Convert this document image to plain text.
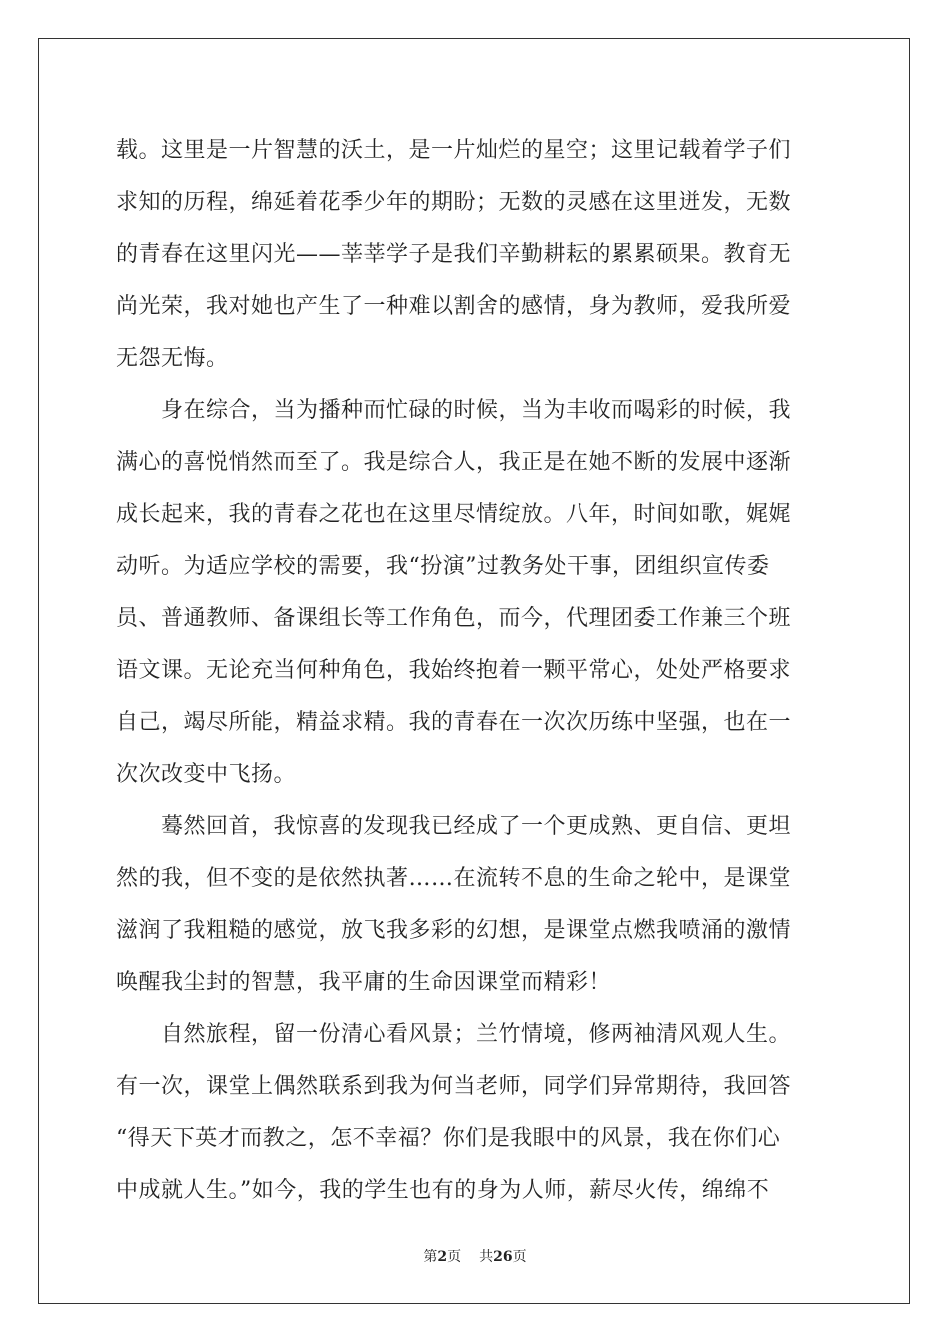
载。这里是一片智慧的沃土，是一片灿烂的星空；这里记载着学子们
求知的历程，绵延着花季少年的期盼；无数的灵感在这里迸发，无数
的青春在这里闪光——莘莘学子是我们辛勤耕耘的累累硕果。教育无
尚光荣，我对她也产生了一种难以割舍的感情，身为教师，爱我所爱
无怨无悔。
　　身在综合，当为播种而忙碌的时候，当为丰收而喝彩的时候，我
满心的喜悦悄然而至了。我是综合人，我正是在她不断的发展中逐渐
成长起来，我的青春之花也在这里尽情绽放。八年，时间如歌，娓娓
动听。为适应学校的需要，我“扮演”过教务处干事，团组织宣传委
员、普通教师、备课组长等工作角色，而今，代理团委工作兼三个班
语文课。无论充当何种角色，我始终抱着一颗平常心，处处严格要求
自己，竭尽所能，精益求精。我的青春在一次次历练中坚强，也在一
次次改变中飞扬。
　　蓦然回首，我惊喜的发现我已经成了一个更成熟、更自信、更坦
然的我，但不变的是依然执著……在流转不息的生命之轮中，是课堂
滋润了我粗糙的感觉，放飞我多彩的幻想，是课堂点燃我喷涌的激情
唤醒我尘封的智慧，我平庸的生命因课堂而精彩！
　　自然旅程，留一份清心看风景；兰竹情境，修两袖清风观人生。
有一次，课堂上偶然联系到我为何当老师，同学们异常期待，我回答
“得天下英才而教之，怎不幸福？你们是我眼中的风景，我在你们心
中成就人生。”如今，我的学生也有的身为人师，薪尽火传，绵绵不
第2页 共26页
